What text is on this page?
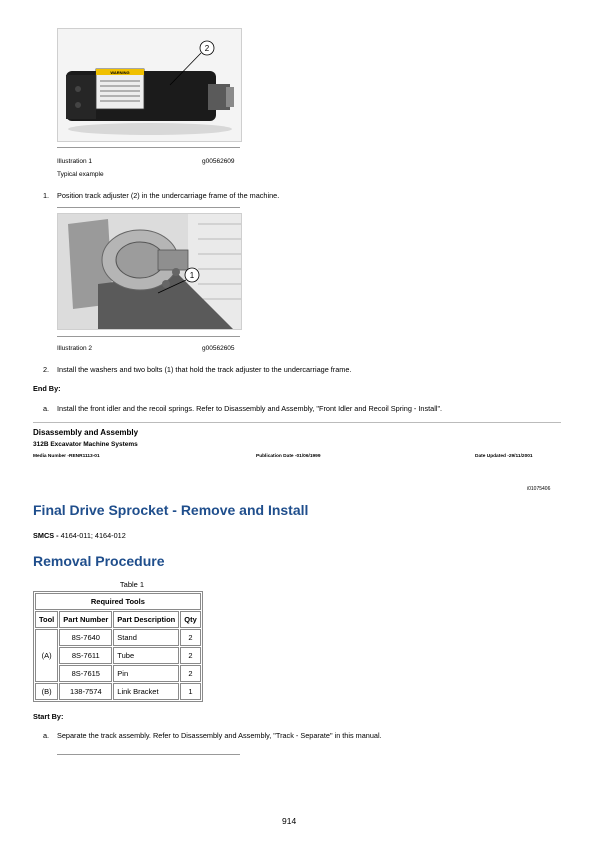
WARNING
2
Illustration 1	g00562609
Typical example
1. Position track adjuster (2) in the undercarriage frame of the machine.
1
Illustration 2	g00562605
2. Install the washers and two bolts (1) that hold the track adjuster to the undercarriage frame.
End By:
a. Install the front idler and the recoil springs. Refer to Disassembly and Assembly, "Front Idler and Recoil Spring - Install".
Disassembly and Assembly
312B Excavator Machine Systems
Media Number -RENR1113-01	Publication Date -01/06/1999	Date Updated -29/11/2001
i01075406
Final Drive Sprocket - Remove and Install
SMCS - 4164-011; 4164-012
Removal Procedure
Table 1
Required Tools			
Tool	Part Number	Part Description	Qty
(A)	8S-7640	Stand	2
	8S-7611	Tube	2
	8S-7615	Pin	2
(B)	138-7574	Link Bracket	1
Start By:
a. Separate the track assembly. Refer to Disassembly and Assembly, "Track - Separate" in this manual.
914
